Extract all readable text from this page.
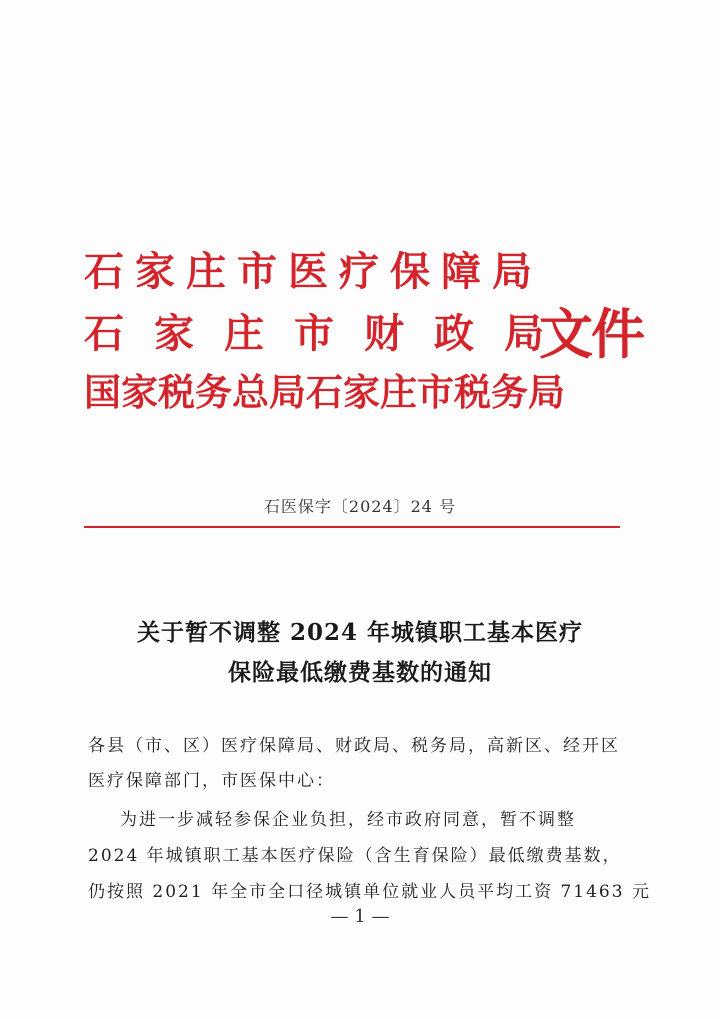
石家庄市医疗保障局
石家庄市财政局
国家税务总局石家庄市税务局
文件
石医保字〔2024〕24 号
关于暂不调整 2024 年城镇职工基本医疗
保险最低缴费基数的通知
各县（市、区）医疗保障局、财政局、税务局，高新区、经开区
医疗保障部门，市医保中心：
为进一步减轻参保企业负担，经市政府同意，暂不调整
2024 年城镇职工基本医疗保险（含生育保险）最低缴费基数，
仍按照 2021 年全市全口径城镇单位就业人员平均工资 71463 元
— 1 —
